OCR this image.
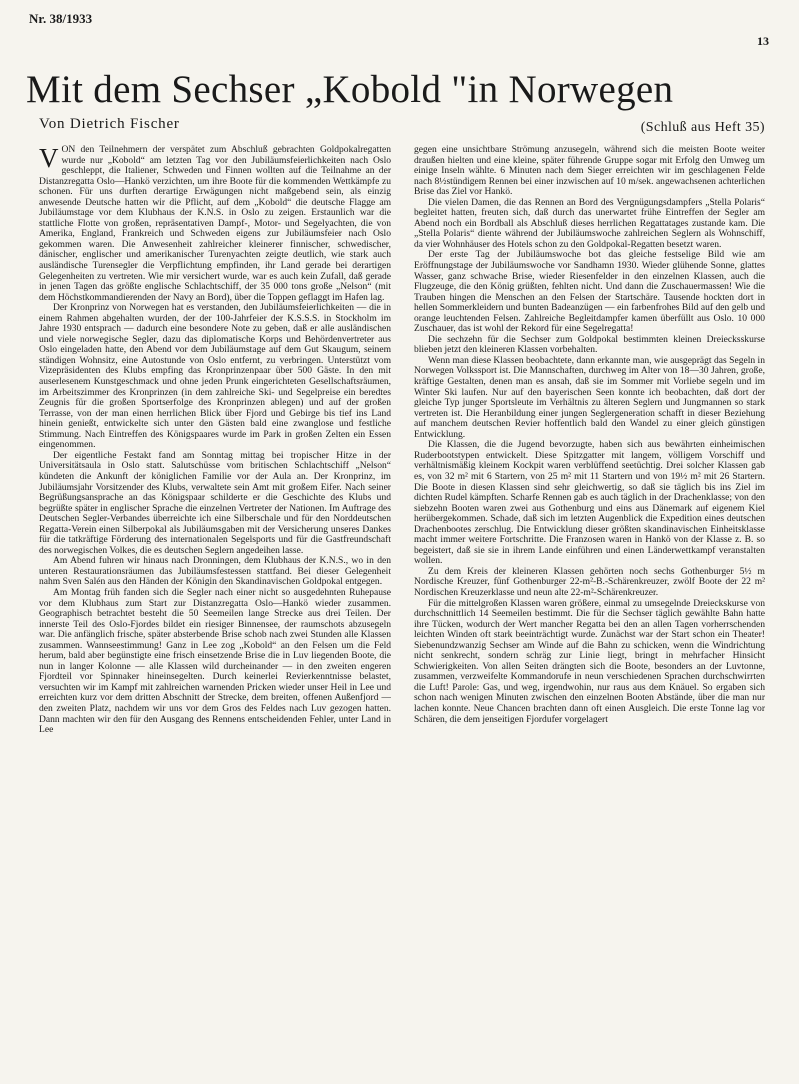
Nr. 38/1933
13
Mit dem Sechser „Kobold "in Norwegen
Von Dietrich Fischer	(Schluß aus Heft 35)

VON den Teilnehmern der verspätet zum Abschluß gebrachten Goldpokalregatten wurde nur „Kobold“ am letzten Tag vor den Jubiläumsfeierlichkeiten nach Oslo geschleppt, die Italiener, Schweden und Finnen wollten auf die Teilnahme an der Distanzregatta Oslo—Hankö verzichten, um ihre Boote für die kommenden Wettkämpfe zu schonen. Für uns durften derartige Erwägungen nicht maßgebend sein, als einzig anwesende Deutsche hatten wir die Pflicht, auf dem „Kobold“ die deutsche Flagge am Jubiläumstage vor dem Klubhaus der K.N.S. in Oslo zu zeigen. Erstaunlich war die stattliche Flotte von großen, repräsentativen Dampf-, Motor- und Segelyachten, die von Amerika, England, Frankreich und Schweden eigens zur Jubiläumsfeier nach Oslo gekommen waren. Die Anwesenheit zahlreicher kleinerer finnischer, schwedischer, dänischer, englischer und amerikanischer Turenyachten zeigte deutlich, wie stark auch ausländische Turensegler die Verpflichtung empfinden, ihr Land gerade bei derartigen Gelegenheiten zu vertreten. Wie mir versichert wurde, war es auch kein Zufall, daß gerade in jenen Tagen das größte englische Schlachtschiff, der 35 000 tons große „Nelson“ (mit dem Höchstkommandierenden der Navy an Bord), über die Toppen geflaggt im Hafen lag.

Der Kronprinz von Norwegen hat es verstanden, den Jubiläumsfeierlichkeiten — die in einem Rahmen abgehalten wurden, der der 100-Jahrfeier der K.S.S.S. in Stockholm im Jahre 1930 entsprach — dadurch eine besondere Note zu geben, daß er alle ausländischen und viele norwegische Segler, dazu das diplomatische Korps und Behördenvertreter aus Oslo eingeladen hatte, den Abend vor dem Jubiläumstage auf dem Gut Skaugum, seinem ständigen Wohnsitz, eine Autostunde von Oslo entfernt, zu verbringen. Unterstützt vom Vizepräsidenten des Klubs empfing das Kronprinzenpaar über 500 Gäste. In den mit auserlesenem Kunstgeschmack und ohne jeden Prunk eingerichteten Gesellschaftsräumen, im Arbeitszimmer des Kronprinzen (in dem zahlreiche Ski- und Segelpreise ein beredtes Zeugnis für die großen Sportserfolge des Kronprinzen ablegen) und auf der großen Terrasse, von der man einen herrlichen Blick über Fjord und Gebirge bis tief ins Land hinein genießt, entwickelte sich unter den Gästen bald eine zwanglose und festliche Stimmung. Nach Eintreffen des Königspaares wurde im Park in großen Zelten ein Essen eingenommen.

Der eigentliche Festakt fand am Sonntag mittag bei tropischer Hitze in der Universitätsaula in Oslo statt. Salutschüsse vom britischen Schlachtschiff „Nelson“ kündeten die Ankunft der königlichen Familie vor der Aula an. Der Kronprinz, im Jubiläumsjahr Vorsitzender des Klubs, verwaltete sein Amt mit großem Eifer. Nach seiner Begrüßungsansprache an das Königspaar schilderte er die Geschichte des Klubs und begrüßte später in englischer Sprache die einzelnen Vertreter der Nationen. Im Auftrage des Deutschen Segler-Verbandes überreichte ich eine Silberschale und für den Norddeutschen Regatta-Verein einen Silberpokal als Jubiläumsgaben mit der Versicherung unseres Dankes für die tatkräftige Förderung des internationalen Segelsports und für die Gastfreundschaft des norwegischen Volkes, die es deutschen Seglern angedeihen lasse.

Am Abend fuhren wir hinaus nach Dronningen, dem Klubhaus der K.N.S., wo in den unteren Restaurationsräumen das Jubiläumsfestessen stattfand. Bei dieser Gelegenheit nahm Sven Salén aus den Händen der Königin den Skandinavischen Goldpokal entgegen.

Am Montag früh fanden sich die Segler nach einer nicht so ausgedehnten Ruhepause vor dem Klubhaus zum Start zur Distanzregatta Oslo—Hankö wieder zusammen. Geographisch betrachtet besteht die 50 Seemeilen lange Strecke aus drei Teilen. Der innerste Teil des Oslo-Fjordes bildet ein riesiger Binnensee, der raumschots abzusegeln war. Die anfänglich frische, später absterbende Brise schob nach zwei Stunden alle Klassen zusammen. Wannseestimmung! Ganz in Lee zog „Kobold“ an den Felsen um die Feld herum, bald aber begünstigte eine frisch einsetzende Brise die in Luv liegenden Boote, die nun in langer Kolonne — alle Klassen wild durcheinander — in den zweiten engeren Fjordteil vor Spinnaker hineinsegelten. Durch keinerlei Revierkenntnisse belastet, versuchten wir im Kampf mit zahlreichen warnenden Pricken wieder unser Heil in Lee und erreichten kurz vor dem dritten Abschnitt der Strecke, dem breiten, offenen Außenfjord — den zweiten Platz, nachdem wir uns vor dem Gros des Feldes nach Luv gezogen hatten. Dann machten wir den für den Ausgang des Rennens entscheidenden Fehler, unter Land in Lee

gegen eine unsichtbare Strömung anzusegeln, während sich die meisten Boote weiter draußen hielten und eine kleine, später führende Gruppe sogar mit Erfolg den Umweg um einige Inseln wählte. 6 Minuten nach dem Sieger erreichten wir im geschlagenen Felde nach 8½stündigem Rennen bei einer inzwischen auf 10 m/sek. angewachsenen achterlichen Brise das Ziel vor Hankö.

Die vielen Damen, die das Rennen an Bord des Vergnügungsdampfers „Stella Polaris“ begleitet hatten, freuten sich, daß durch das unerwartet frühe Eintreffen der Segler am Abend noch ein Bordball als Abschluß dieses herrlichen Regattatages zustande kam. Die „Stella Polaris“ diente während der Jubiläumswoche zahlreichen Seglern als Wohnschiff, da vier Wohnhäuser des Hotels schon zu den Goldpokal-Regatten besetzt waren.

Der erste Tag der Jubiläumswoche bot das gleiche festselige Bild wie am Eröffnungstage der Jubiläumswoche vor Sandhamn 1930. Wieder glühende Sonne, glattes Wasser, ganz schwache Brise, wieder Riesenfelder in den einzelnen Klassen, auch die Flugzeuge, die den König grüßten, fehlten nicht. Und dann die Zuschauermassen! Wie die Trauben hingen die Menschen an den Felsen der Startschäre. Tausende hockten dort in hellen Sommerkleidern und bunten Badeanzügen — ein farbenfrohes Bild auf den gelb und orange leuchtenden Felsen. Zahlreiche Begleitdampfer kamen überfüllt aus Oslo. 10 000 Zuschauer, das ist wohl der Rekord für eine Segelregatta!

Die sechzehn für die Sechser zum Goldpokal bestimmten kleinen Dreiecksskurse blieben jetzt den kleineren Klassen vorbehalten.

Wenn man diese Klassen beobachtete, dann erkannte man, wie ausgeprägt das Segeln in Norwegen Volkssport ist. Die Mannschaften, durchweg im Alter von 18—30 Jahren, große, kräftige Gestalten, denen man es ansah, daß sie im Sommer mit Vorliebe segeln und im Winter Ski laufen. Nur auf den bayerischen Seen konnte ich beobachten, daß dort der gleiche Typ junger Sportsleute im Verhältnis zu älteren Seglern und Jungmannen so stark vertreten ist. Die Heranbildung einer jungen Seglergeneration schafft in dieser Beziehung auf manchem deutschen Revier hoffentlich bald den Wandel zu einer gleich günstigen Entwicklung.

Die Klassen, die die Jugend bevorzugte, haben sich aus bewährten einheimischen Ruderbootstypen entwickelt. Diese Spitzgatter mit langem, völligem Vorschiff und verhältnismäßig kleinem Kockpit waren verblüffend seetüchtig. Drei solcher Klassen gab es, von 32 m² mit 6 Startern, von 25 m² mit 11 Startern und von 19½ m² mit 26 Startern. Die Boote in diesen Klassen sind sehr gleichwertig, so daß sie täglich bis ins Ziel im dichten Rudel kämpften. Scharfe Rennen gab es auch täglich in der Drachenklasse; von den siebzehn Booten waren zwei aus Gothenburg und eins aus Dänemark auf eigenem Kiel herübergekommen. Schade, daß sich im letzten Augenblick die Expedition eines deutschen Drachenbootes zerschlug. Die Entwicklung dieser größten skandinavischen Einheitsklasse macht immer weitere Fortschritte. Die Franzosen waren in Hankö von der Klasse z. B. so begeistert, daß sie sie in ihrem Lande einführen und einen Länderwettkampf veranstalten wollen.

Zu dem Kreis der kleineren Klassen gehörten noch sechs Gothenburger 5½ m Nordische Kreuzer, fünf Gothenburger 22-m²-B.-Schärenkreuzer, zwölf Boote der 22 m² Nordischen Kreuzerklasse und neun alte 22-m²-Schärenkreuzer.

Für die mittelgroßen Klassen waren größere, einmal zu umsegelnde Dreieckskurse von durchschnittlich 14 Seemeilen bestimmt. Die für die Sechser täglich gewählte Bahn hatte ihre Tücken, wodurch der Wert mancher Regatta bei den an allen Tagen vorherrschenden leichten Winden oft stark beeinträchtigt wurde. Zunächst war der Start schon ein Theater! Siebenundzwanzig Sechser am Winde auf die Bahn zu schicken, wenn die Windrichtung nicht senkrecht, sondern schräg zur Linie liegt, bringt in mehrfacher Hinsicht Schwierigkeiten. Von allen Seiten drängten sich die Boote, besonders an der Luvtonne, zusammen, verzweifelte Kommandorufe in neun verschiedenen Sprachen durchschwirrten die Luft! Parole: Gas, und weg, irgendwohin, nur raus aus dem Knäuel. So ergaben sich schon nach wenigen Minuten zwischen den einzelnen Booten Abstände, über die man nur lachen konnte. Neue Chancen brachten dann oft einen Ausgleich. Die erste Tonne lag vor Schären, die dem jenseitigen Fjordufer vorgelagert
